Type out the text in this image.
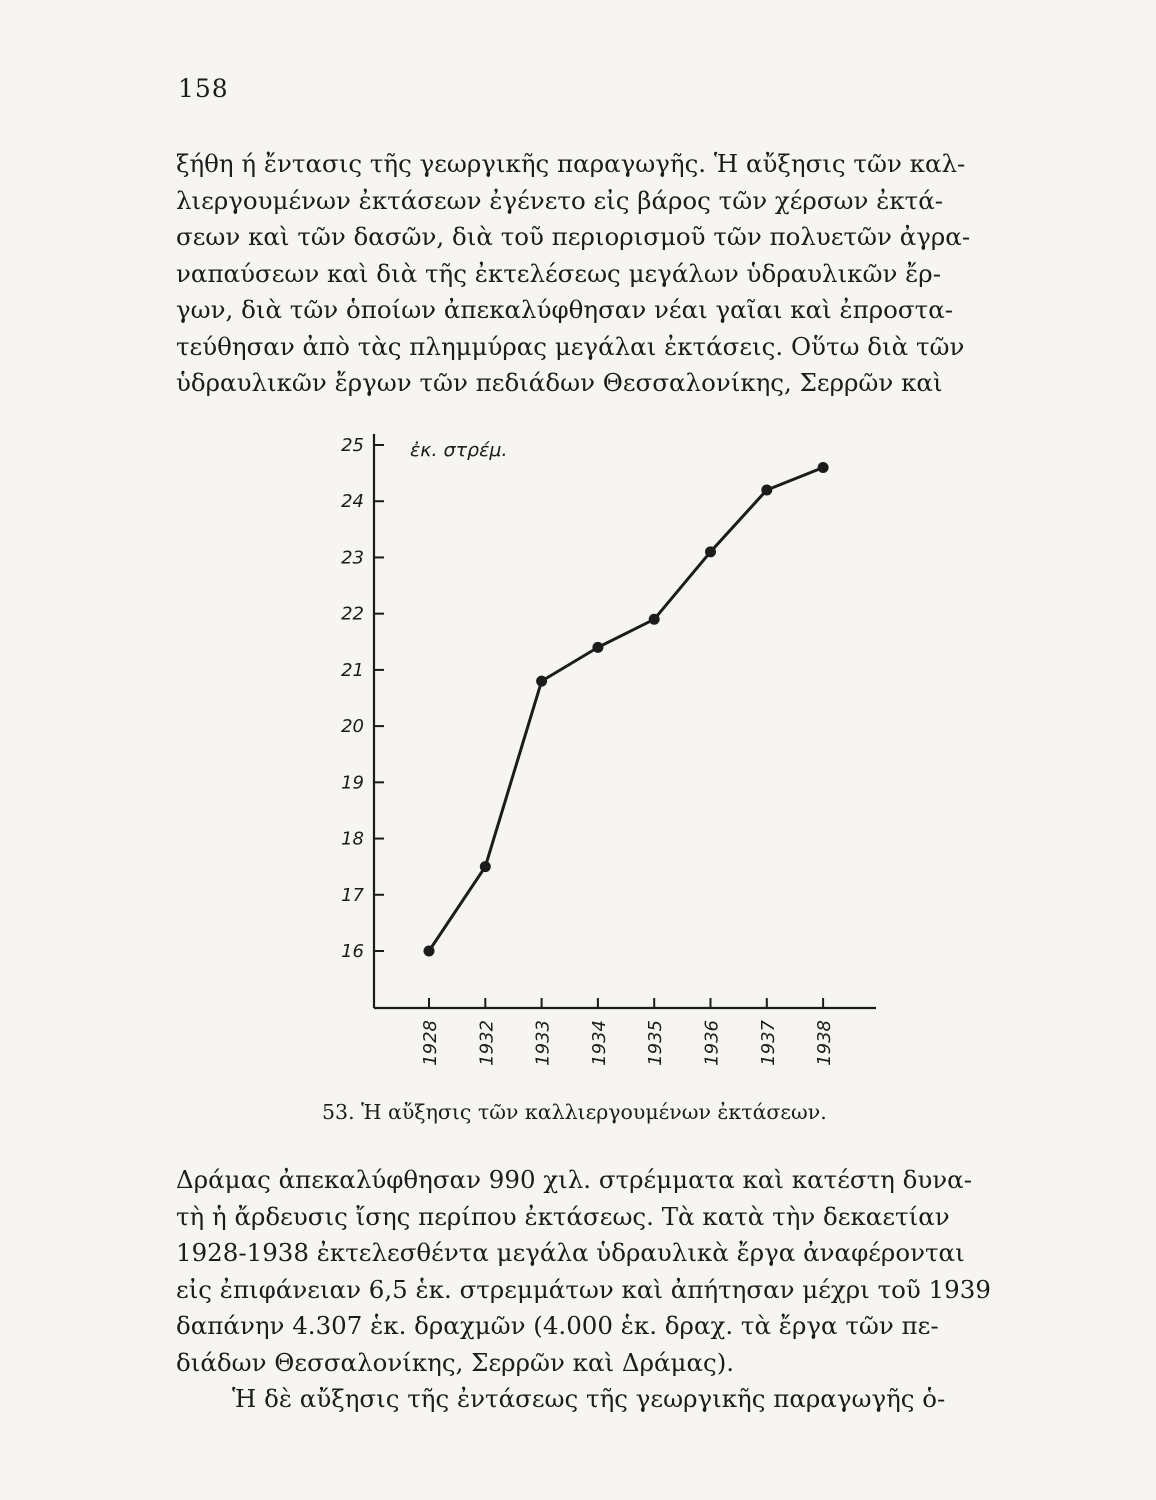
158

ξήθη ή ἔντασις τῆς γεωργικῆς παραγωγῆς. Ἡ αὔξησις τῶν καλ-
λιεργουμένων ἐκτάσεων ἐγένετο εἰς βάρος τῶν χέρσων ἐκτά-
σεων καὶ τῶν δασῶν, διὰ τοῦ περιορισμοῦ τῶν πολυετῶν ἀγρα-
ναπαύσεων καὶ διὰ τῆς ἐκτελέσεως μεγάλων ὑδραυλικῶν ἔρ-
γων, διὰ τῶν ὁποίων ἀπεκαλύφθησαν νέαι γαῖαι καὶ ἐπροστα-
τεύθησαν ἀπὸ τὰς πλημμύρας μεγάλαι ἐκτάσεις. Οὕτω διὰ τῶν
ὑδραυλικῶν ἔργων τῶν πεδιάδων Θεσσαλονίκης, Σερρῶν καὶ

16
17
18
19
20
21
22
23
24
25
1928 1932 1933 1934 1935 1936 1937 1938
ἐκ. στρέμ.
53. Ἡ αὔξησις τῶν καλλιεργουμένων ἐκτάσεων.

Δράμας ἀπεκαλύφθησαν 990 χιλ. στρέμματα καὶ κατέστη δυνα-
τὴ ἡ ἄρδευσις ἴσης περίπου ἐκτάσεως. Τὰ κατὰ τὴν δεκαετίαν
1928-1938 ἐκτελεσθέντα μεγάλα ὑδραυλικὰ ἔργα ἀναφέρονται
εἰς ἐπιφάνειαν 6,5 ἑκ. στρεμμάτων καὶ ἀπήτησαν μέχρι τοῦ 1939
δαπάνην 4.307 ἑκ. δραχμῶν (4.000 ἑκ. δραχ. τὰ ἔργα τῶν πε-
διάδων Θεσσαλονίκης, Σερρῶν καὶ Δράμας).

Ἡ δὲ αὔξησις τῆς ἐντάσεως τῆς γεωργικῆς παραγωγῆς ὁ-
